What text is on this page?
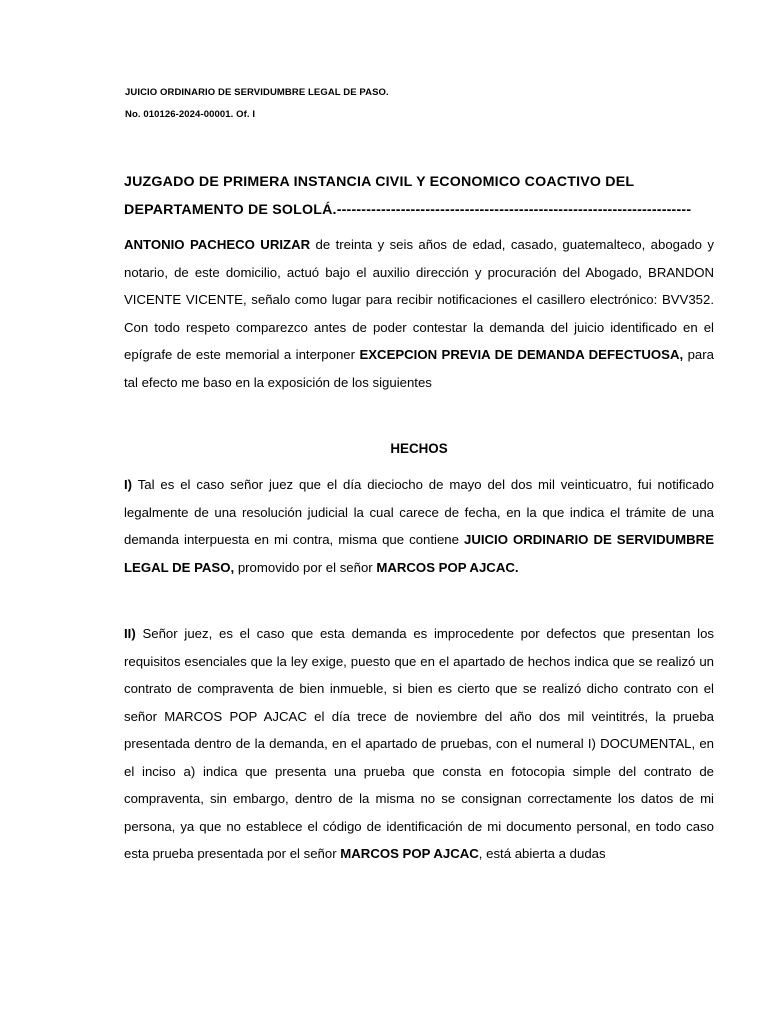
JUICIO ORDINARIO DE SERVIDUMBRE LEGAL DE PASO.
No. 010126-2024-00001. Of. I
JUZGADO DE PRIMERA INSTANCIA CIVIL Y ECONOMICO COACTIVO DEL
DEPARTAMENTO DE SOLOLÁ.------------------------------------------------------------------------
ANTONIO PACHECO URIZAR de treinta y seis años de edad, casado, guatemalteco, abogado y notario, de este domicilio, actuó bajo el auxilio dirección y procuración del Abogado, BRANDON VICENTE VICENTE, señalo como lugar para recibir notificaciones el casillero electrónico: BVV352. Con todo respeto comparezco antes de poder contestar la demanda del juicio identificado en el epígrafe de este memorial a interponer EXCEPCION PREVIA DE DEMANDA DEFECTUOSA, para tal efecto me baso en la exposición de los siguientes
HECHOS
I) Tal es el caso señor juez que el día dieciocho de mayo del dos mil veinticuatro, fui notificado legalmente de una resolución judicial la cual carece de fecha, en la que indica el trámite de una demanda interpuesta en mi contra, misma que contiene JUICIO ORDINARIO DE SERVIDUMBRE LEGAL DE PASO, promovido por el señor MARCOS POP AJCAC.
II) Señor juez, es el caso que esta demanda es improcedente por defectos que presentan los requisitos esenciales que la ley exige, puesto que en el apartado de hechos indica que se realizó un contrato de compraventa de bien inmueble, si bien es cierto que se realizó dicho contrato con el señor MARCOS POP AJCAC el día trece de noviembre del año dos mil veintitrés, la prueba presentada dentro de la demanda, en el apartado de pruebas, con el numeral I) DOCUMENTAL, en el inciso a) indica que presenta una prueba que consta en fotocopia simple del contrato de compraventa, sin embargo, dentro de la misma no se consignan correctamente los datos de mi persona, ya que no establece el código de identificación de mi documento personal, en todo caso esta prueba presentada por el señor MARCOS POP AJCAC, está abierta a dudas
